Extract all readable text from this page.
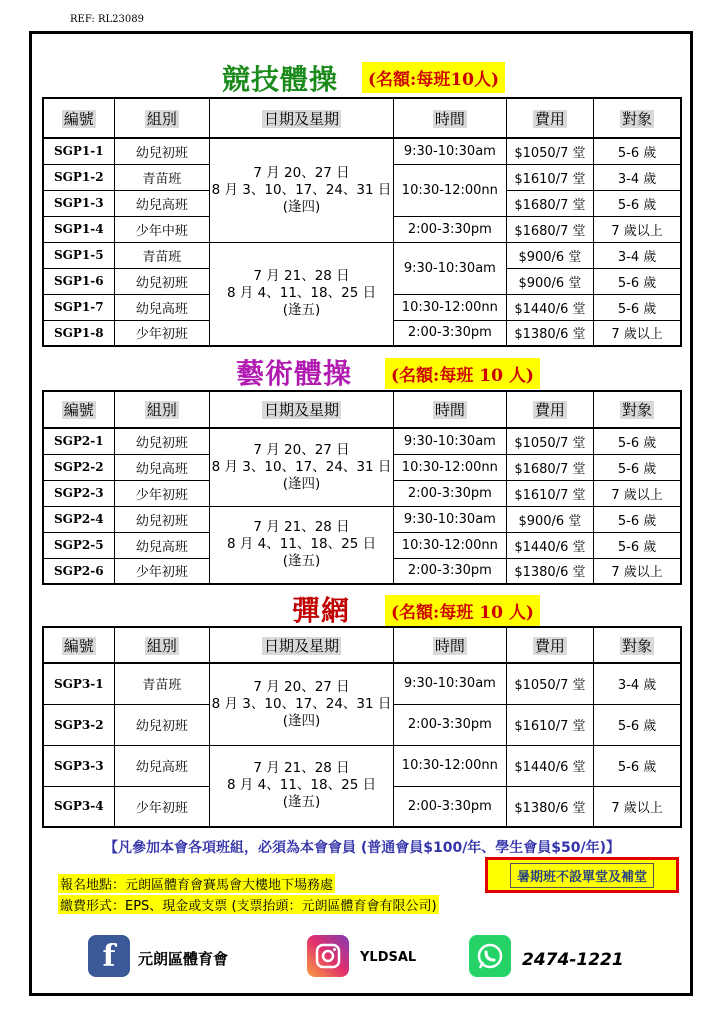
REF: RL23089
競技體操	(名額:每班10人)
編號	組別	日期及星期	時間	費用	對象
SGP1-1	幼兒初班	7 月 20、27 日
8 月 3、10、17、24、31 日
(逢四)	9:30-10:30am	$1050/7 堂	5-6 歲
SGP1-2	青苗班		10:30-12:00nn	$1610/7 堂	3-4 歲
SGP1-3	幼兒高班			$1680/7 堂	5-6 歲
SGP1-4	少年中班		2:00-3:30pm	$1680/7 堂	7 歲以上
SGP1-5	青苗班	7 月 21、28 日
8 月 4、11、18、25 日
(逢五)	9:30-10:30am	$900/6 堂	3-4 歲
SGP1-6	幼兒初班			$900/6 堂	5-6 歲
SGP1-7	幼兒高班		10:30-12:00nn	$1440/6 堂	5-6 歲
SGP1-8	少年初班		2:00-3:30pm	$1380/6 堂	7 歲以上
藝術體操	(名額:每班 10 人)
編號	組別	日期及星期	時間	費用	對象
SGP2-1	幼兒初班	7 月 20、27 日
8 月 3、10、17、24、31 日
(逢四)	9:30-10:30am	$1050/7 堂	5-6 歲
SGP2-2	幼兒高班		10:30-12:00nn	$1680/7 堂	5-6 歲
SGP2-3	少年初班		2:00-3:30pm	$1610/7 堂	7 歲以上
SGP2-4	幼兒初班	7 月 21、28 日
8 月 4、11、18、25 日
(逢五)	9:30-10:30am	$900/6 堂	5-6 歲
SGP2-5	幼兒高班		10:30-12:00nn	$1440/6 堂	5-6 歲
SGP2-6	少年初班		2:00-3:30pm	$1380/6 堂	7 歲以上
彈網	(名額:每班 10 人)
編號	組別	日期及星期	時間	費用	對象
SGP3-1	青苗班	7 月 20、27 日
8 月 3、10、17、24、31 日
(逢四)	9:30-10:30am	$1050/7 堂	3-4 歲
SGP3-2	幼兒初班		2:00-3:30pm	$1610/7 堂	5-6 歲
SGP3-3	幼兒高班	7 月 21、28 日
8 月 4、11、18、25 日
(逢五)	10:30-12:00nn	$1440/6 堂	5-6 歲
SGP3-4	少年初班		2:00-3:30pm	$1380/6 堂	7 歲以上
【凡參加本會各項班組，必須為本會會員 (普通會員$100/年、學生會員$50/年)】
暑期班不設單堂及補堂
報名地點：元朗區體育會賽馬會大樓地下場務處
繳費形式：EPS、現金或支票 (支票抬頭：元朗區體育會有限公司)
f	元朗區體育會	YLDSAL	2474-1221
